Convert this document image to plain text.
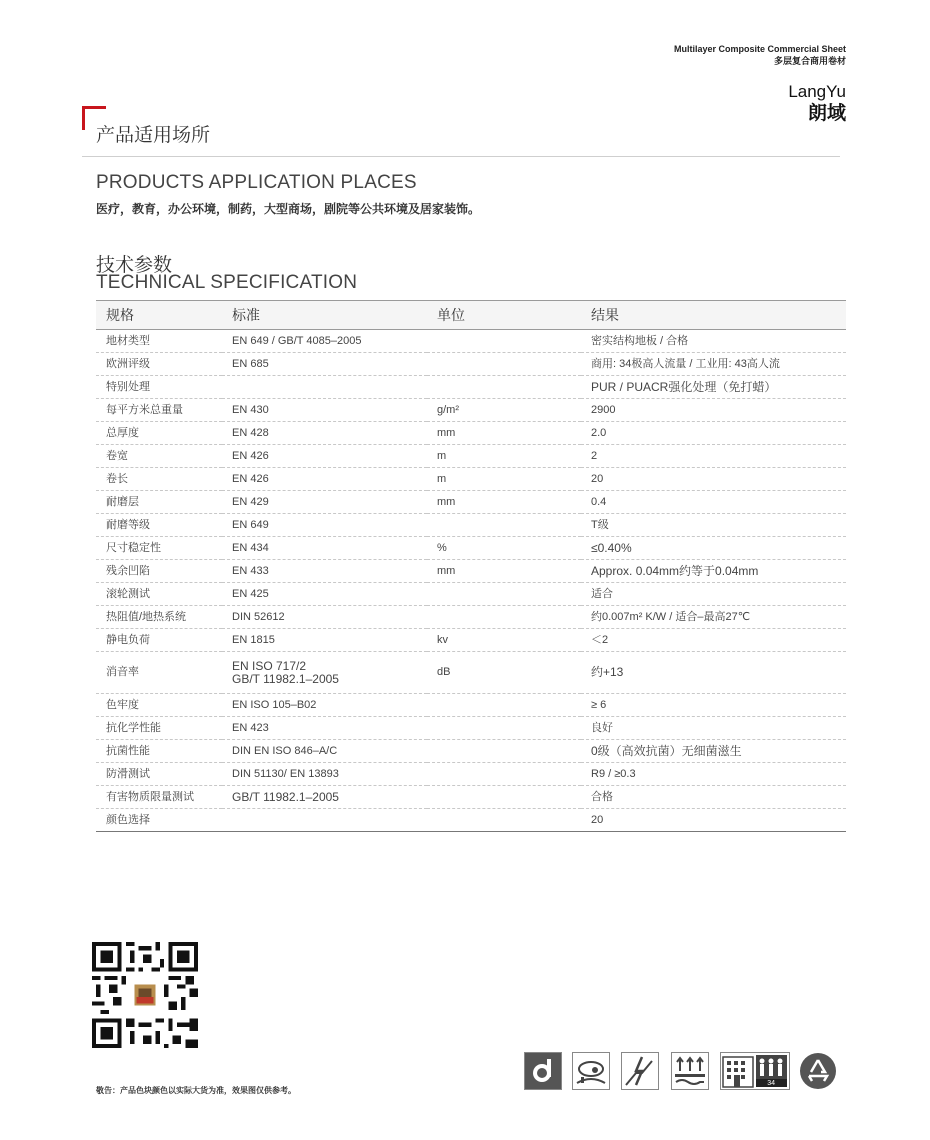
Multilayer Composite Commercial Sheet
多层复合商用卷材
LangYu
朗域
产品适用场所
PRODUCTS APPLICATION PLACES
医疗，教育，办公环境，制药，大型商场，剧院等公共环境及居家装饰。
技术参数
TECHNICAL SPECIFICATION
规格	标准	单位	结果
地材类型	EN 649 / GB/T 4085–2005		密实结构地板 / 合格
欧洲评级	EN 685		商用: 34极高人流量 / 工业用: 43高人流
特别处理			PUR / PUACR强化处理（免打蜡）
每平方米总重量	EN 430	g/m²	2900
总厚度	EN 428	mm	2.0
卷宽	EN 426	m	2
卷长	EN 426	m	20
耐磨层	EN 429	mm	0.4
耐磨等级	EN 649		T级
尺寸稳定性	EN 434	%	≤0.40%
残余凹陷	EN 433	mm	Approx. 0.04mm约等于0.04mm
滚轮测试	EN 425		适合
热阻值/地热系统	DIN 52612		约0.007m² K/W / 适合–最高27℃
静电负荷	EN 1815	kv	＜2
消音率	EN ISO 717/2
GB/T 11982.1–2005	dB	约+13
色牢度	EN ISO 105–B02		≥ 6
抗化学性能	EN 423		良好
抗菌性能	DIN EN ISO 846–A/C		0级（高效抗菌）无细菌滋生
防滑测试	DIN 51130/ EN 13893		R9 / ≥0.3
有害物质限量测试	GB/T 11982.1–2005		合格
颜色选择			20
敬告：产品色块颜色以实际大货为准，效果图仅供参考。
34
